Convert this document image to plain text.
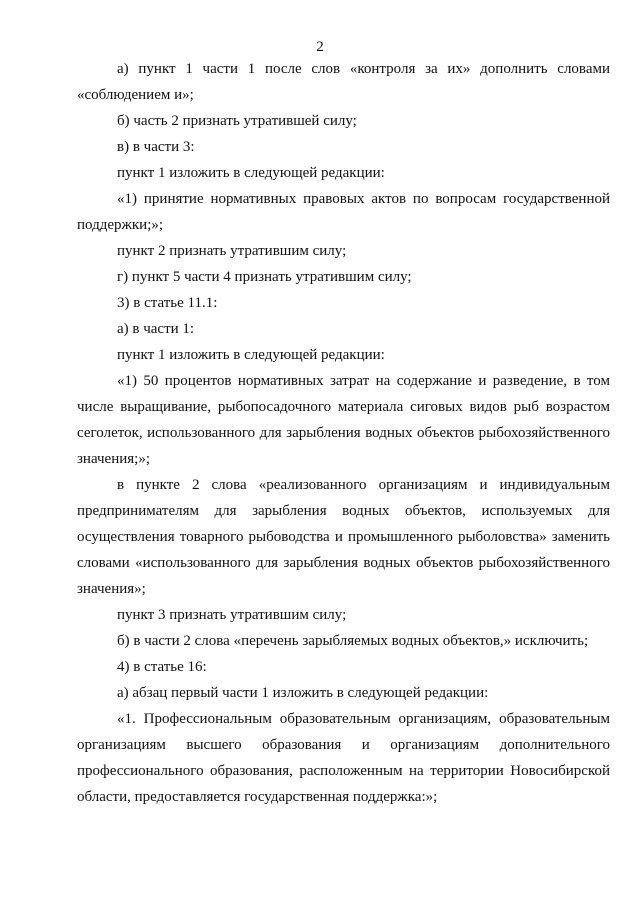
2

а) пункт 1 части 1 после слов «контроля за их» дополнить словами «соблюдением и»;

б) часть 2 признать утратившей силу;

в) в части 3:

пункт 1 изложить в следующей редакции:

«1) принятие нормативных правовых актов по вопросам государственной поддержки;»;

пункт 2 признать утратившим силу;

г) пункт 5 части 4 признать утратившим силу;

3) в статье 11.1:

а) в части 1:

пункт 1 изложить в следующей редакции:

«1) 50 процентов нормативных затрат на содержание и разведение, в том числе выращивание, рыбопосадочного материала сиговых видов рыб возрастом сеголеток, использованного для зарыбления водных объектов рыбохозяйственного значения;»;

в пункте 2 слова «реализованного организациям и индивидуальным предпринимателям для зарыбления водных объектов, используемых для осуществления товарного рыбоводства и промышленного рыболовства» заменить словами «использованного для зарыбления водных объектов рыбохозяйственного значения»;

пункт 3 признать утратившим силу;

б) в части 2 слова «перечень зарыбляемых водных объектов,» исключить;

4) в статье 16:

а) абзац первый части 1 изложить в следующей редакции:

«1. Профессиональным образовательным организациям, образовательным организациям высшего образования и организациям дополнительного профессионального образования, расположенным на территории Новосибирской области, предоставляется государственная поддержка:»;
